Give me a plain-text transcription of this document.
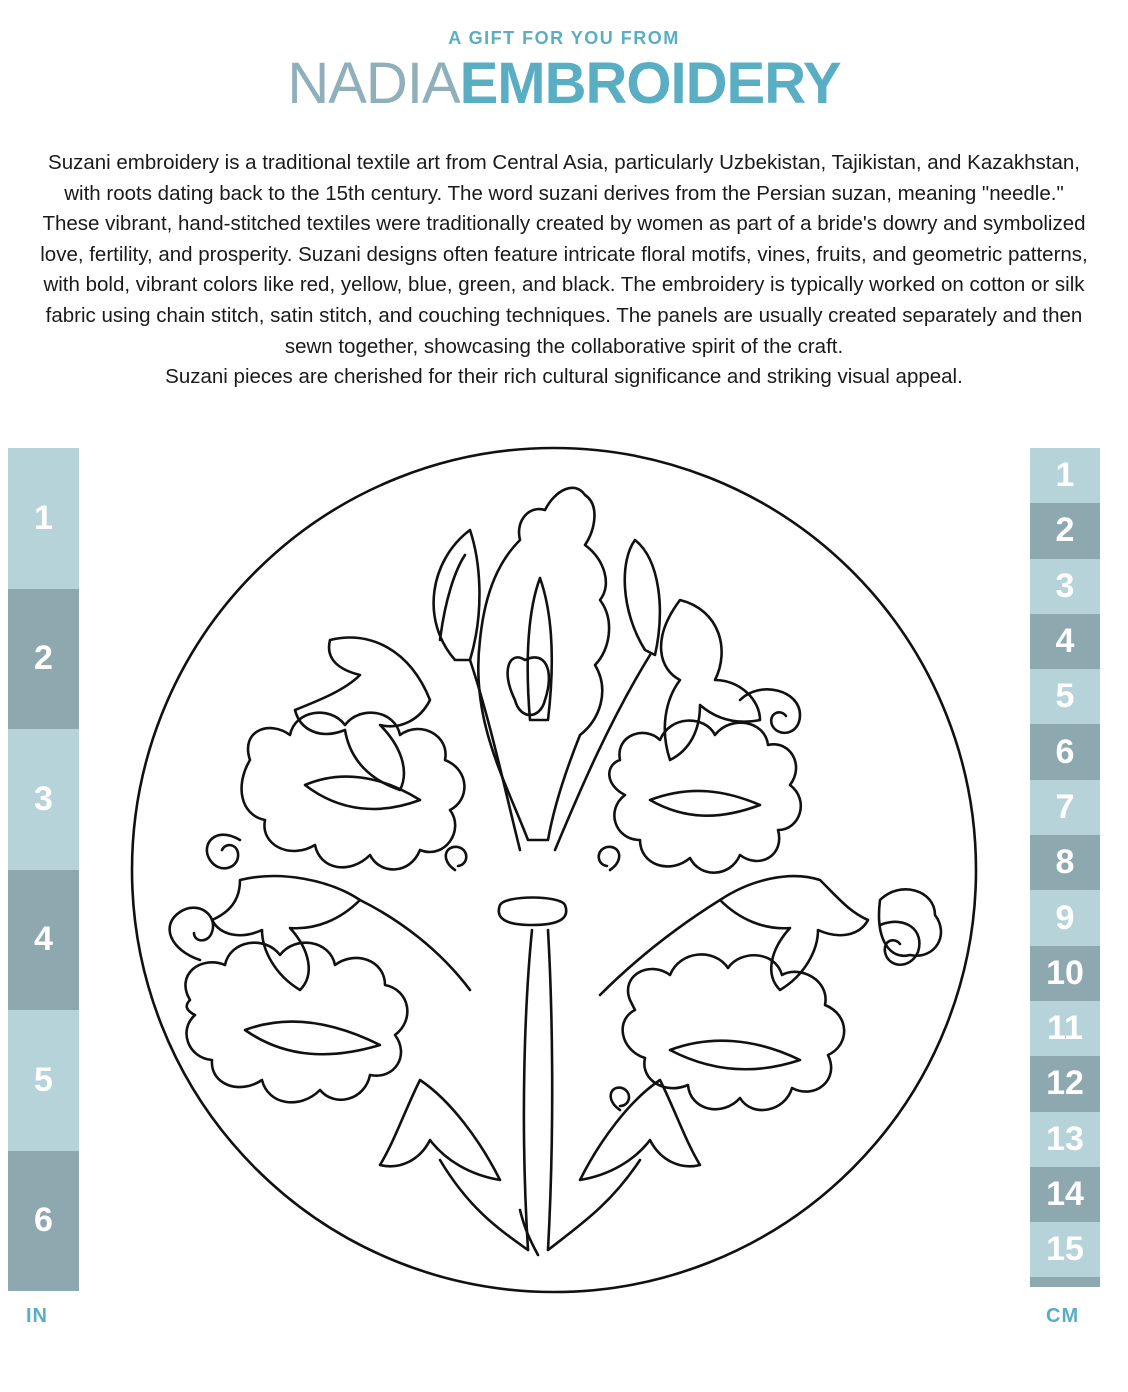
A GIFT FOR YOU FROM
NADIAEMBROIDERY

Suzani embroidery is a traditional textile art from Central Asia, particularly Uzbekistan, Tajikistan, and Kazakhstan, with roots dating back to the 15th century. The word suzani derives from the Persian suzan, meaning "needle." These vibrant, hand-stitched textiles were traditionally created by women as part of a bride's dowry and symbolized love, fertility, and prosperity. Suzani designs often feature intricate floral motifs, vines, fruits, and geometric patterns, with bold, vibrant colors like red, yellow, blue, green, and black. The embroidery is typically worked on cotton or silk fabric using chain stitch, satin stitch, and couching techniques. The panels are usually created separately and then sewn together, showcasing the collaborative spirit of the craft.

Suzani pieces are cherished for their rich cultural significance and striking visual appeal.

1
2
3
4
5
6
IN
1
2
3
4
5
6
7
8
9
10
11
12
13
14
15
CM
